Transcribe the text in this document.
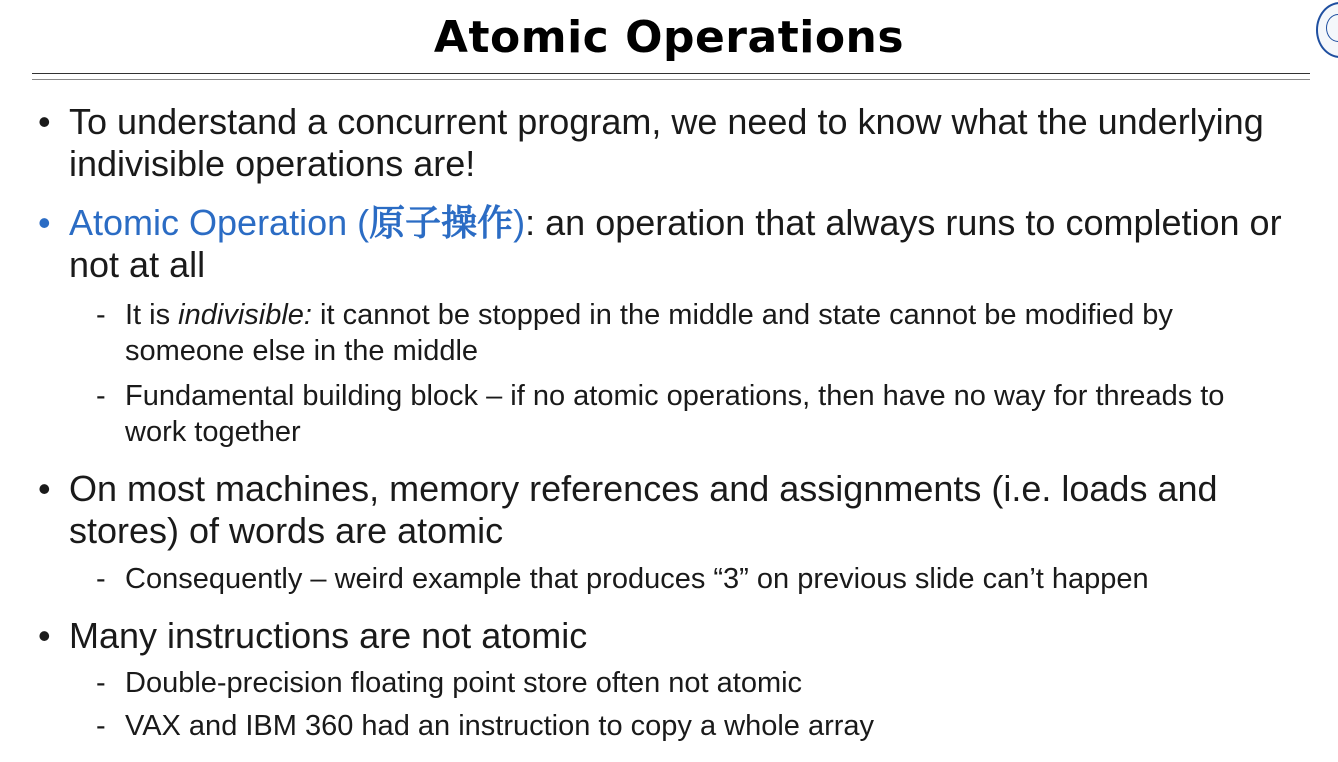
Atomic Operations
• To understand a concurrent program, we need to know what the underlying indivisible operations are!
• Atomic Operation (原子操作): an operation that always runs to completion or not at all
- It is indivisible: it cannot be stopped in the middle and state cannot be modified by someone else in the middle
- Fundamental building block – if no atomic operations, then have no way for threads to work together
• On most machines, memory references and assignments (i.e. loads and stores) of words are atomic
- Consequently – weird example that produces “3” on previous slide can’t happen
• Many instructions are not atomic
- Double-precision floating point store often not atomic
- VAX and IBM 360 had an instruction to copy a whole array
